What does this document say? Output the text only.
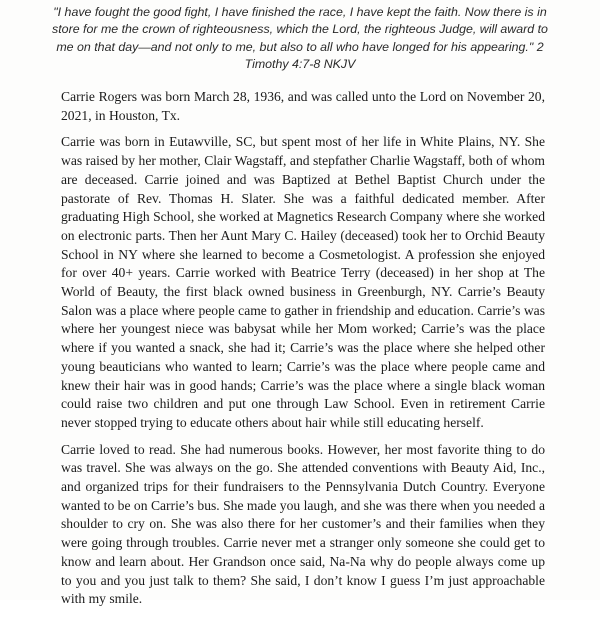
"I have fought the good fight, I have finished the race, I have kept the faith. Now there is in store for me the crown of righteousness, which the Lord, the righteous Judge, will award to me on that day—and not only to me, but also to all who have longed for his appearing." 2 Timothy 4:7-8 NKJV

Carrie Rogers was born March 28, 1936, and was called unto the Lord on November 20, 2021, in Houston, Tx.

Carrie was born in Eutawville, SC, but spent most of her life in White Plains, NY. She was raised by her mother, Clair Wagstaff, and stepfather Charlie Wagstaff, both of whom are deceased. Carrie joined and was Baptized at Bethel Baptist Church under the pastorate of Rev. Thomas H. Slater. She was a faithful dedicated member. After graduating High School, she worked at Magnetics Research Company where she worked on electronic parts. Then her Aunt Mary C. Hailey (deceased) took her to Orchid Beauty School in NY where she learned to become a Cosmetologist. A profession she enjoyed for over 40+ years. Carrie worked with Beatrice Terry (deceased) in her shop at The World of Beauty, the first black owned business in Greenburgh, NY. Carrie’s Beauty Salon was a place where people came to gather in friendship and education. Carrie’s was where her youngest niece was babysat while her Mom worked; Carrie’s was the place where if you wanted a snack, she had it; Carrie’s was the place where she helped other young beauticians who wanted to learn; Carrie’s was the place where people came and knew their hair was in good hands; Carrie’s was the place where a single black woman could raise two children and put one through Law School. Even in retirement Carrie never stopped trying to educate others about hair while still educating herself.

Carrie loved to read. She had numerous books. However, her most favorite thing to do was travel. She was always on the go. She attended conventions with Beauty Aid, Inc., and organized trips for their fundraisers to the Pennsylvania Dutch Country. Everyone wanted to be on Carrie’s bus. She made you laugh, and she was there when you needed a shoulder to cry on. She was also there for her customer’s and their families when they were going through troubles. Carrie never met a stranger only someone she could get to know and learn about. Her Grandson once said, Na-Na why do people always come up to you and you just talk to them? She said, I don’t know I guess I’m just approachable with my smile.
